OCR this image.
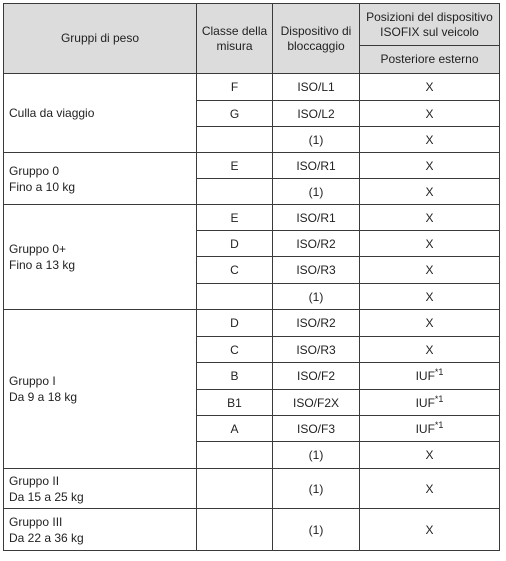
Gruppi di peso	Classe della misura	Dispositivo di bloccaggio	Posizioni del dispositivo ISOFIX sul veicolo
			Posteriore esterno

Culla da viaggio	F	ISO/L1	X
	G	ISO/L2	X
		(1)	X

Gruppo 0
Fino a 10 kg	E	ISO/R1	X
		(1)	X

Gruppo 0+
Fino a 13 kg	E	ISO/R1	X
	D	ISO/R2	X
	C	ISO/R3	X
		(1)	X

Gruppo I
Da 9 a 18 kg	D	ISO/R2	X
	C	ISO/R3	X
	B	ISO/F2	IUF$^{*1}$
	B1	ISO/F2X	IUF$^{*1}$
	A	ISO/F3	IUF$^{*1}$
		(1)	X

Gruppo II
Da 15 a 25 kg		(1)	X

Gruppo III
Da 22 a 36 kg		(1)	X
